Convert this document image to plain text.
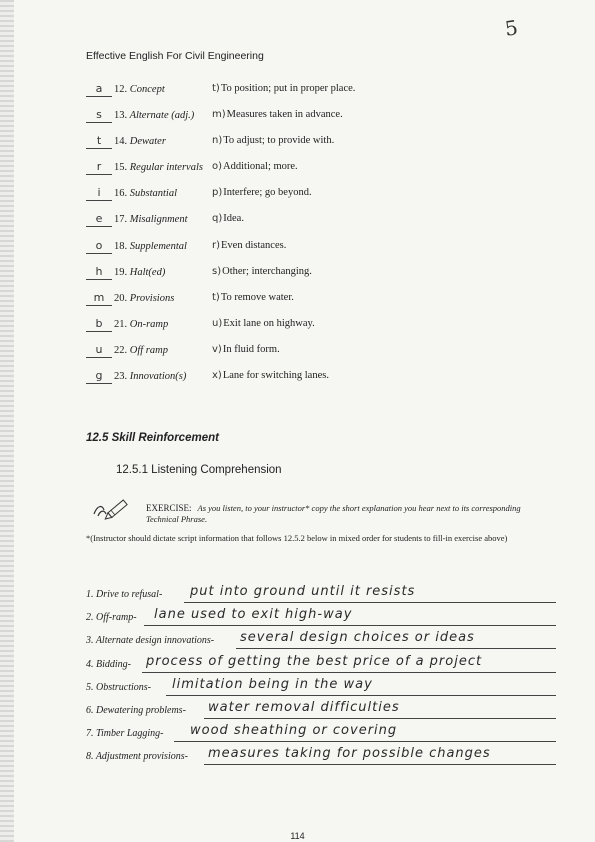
5
Effective English For Civil Engineering
a	12. Concept	t)To position; put in proper place.
s	13. Alternate (adj.) m)Measures taken in advance.
t	14. Dewater	n)To adjust; to provide with.
r	15. Regular intervals o)Additional; more.
i	16. Substantial	p)Interfere; go beyond.
e	17. Misalignment q)Idea.
o	18. Supplemental	r)Even distances.
h	19. Halt(ed)	s)Other; interchanging.
m 20. Provisions	t)To remove water.
b	21. On-ramp	u)Exit lane on highway.
u	22. Off ramp	v)In fluid form.
g	23. Innovation(s)	x)Lane for switching lanes.
12.5 Skill Reinforcement
12.5.1 Listening Comprehension
EXERCISE: As you listen, to your instructor* copy the short explanation you hear next to its corresponding Technical Phrase.
*(Instructor should dictate script information that follows 12.5.2 below in mixed order for students to fill-in exercise above)
1. Drive to refusal- put into ground until it resists
2. Off-ramp- lane used to exit high-way
3. Alternate design innovations- several design choices or ideas
4. Bidding- process of getting the best price of a project
5. Obstructions- limitation being in the way
6. Dewatering problems- water removal difficulties
7. Timber Lagging- wood sheathing or covering
8. Adjustment provisions- measures taking for possible changes
114
